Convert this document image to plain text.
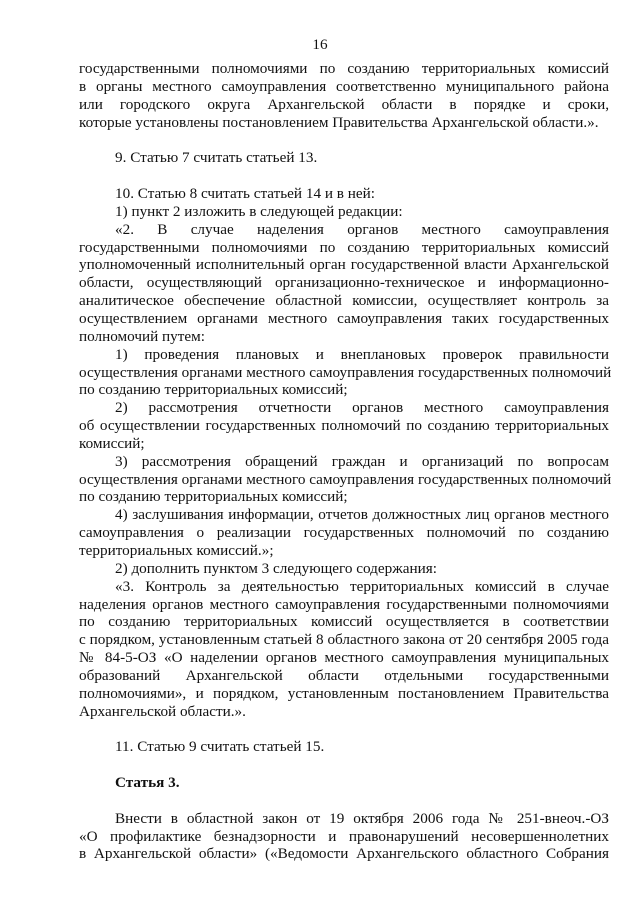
16
государственными полномочиями по созданию территориальных комиссий
в органы местного самоуправления соответственно муниципального района
или городского округа Архангельской области в порядке и сроки,
которые установлены постановлением Правительства Архангельской области.».
9. Статью 7 считать статьей 13.
10. Статью 8 считать статьей 14 и в ней:
1) пункт 2 изложить в следующей редакции:
«2. В случае наделения органов местного самоуправления
государственными полномочиями по созданию территориальных комиссий
уполномоченный исполнительный орган государственной власти Архангельской
области, осуществляющий организационно-техническое и информационно-
аналитическое обеспечение областной комиссии, осуществляет контроль за
осуществлением органами местного самоуправления таких государственных
полномочий путем:
1) проведения плановых и внеплановых проверок правильности
осуществления органами местного самоуправления государственных полномочий
по созданию территориальных комиссий;
2) рассмотрения отчетности органов местного самоуправления
об осуществлении государственных полномочий по созданию территориальных
комиссий;
3) рассмотрения обращений граждан и организаций по вопросам
осуществления органами местного самоуправления государственных полномочий
по созданию территориальных комиссий;
4) заслушивания информации, отчетов должностных лиц органов местного
самоуправления о реализации государственных полномочий по созданию
территориальных комиссий.»;
2) дополнить пунктом 3 следующего содержания:
«3. Контроль за деятельностью территориальных комиссий в случае
наделения органов местного самоуправления государственными полномочиями
по созданию территориальных комиссий осуществляется в соответствии
с порядком, установленным статьей 8 областного закона от 20 сентября 2005 года
№ 84-5-ОЗ «О наделении органов местного самоуправления муниципальных
образований Архангельской области отдельными государственными
полномочиями», и порядком, установленным постановлением Правительства
Архангельской области.».
11. Статью 9 считать статьей 15.
Статья 3.
Внести в областной закон от 19 октября 2006 года № 251-внеоч.-ОЗ
«О профилактике безнадзорности и правонарушений несовершеннолетних
в Архангельской области» («Ведомости Архангельского областного Собрания
